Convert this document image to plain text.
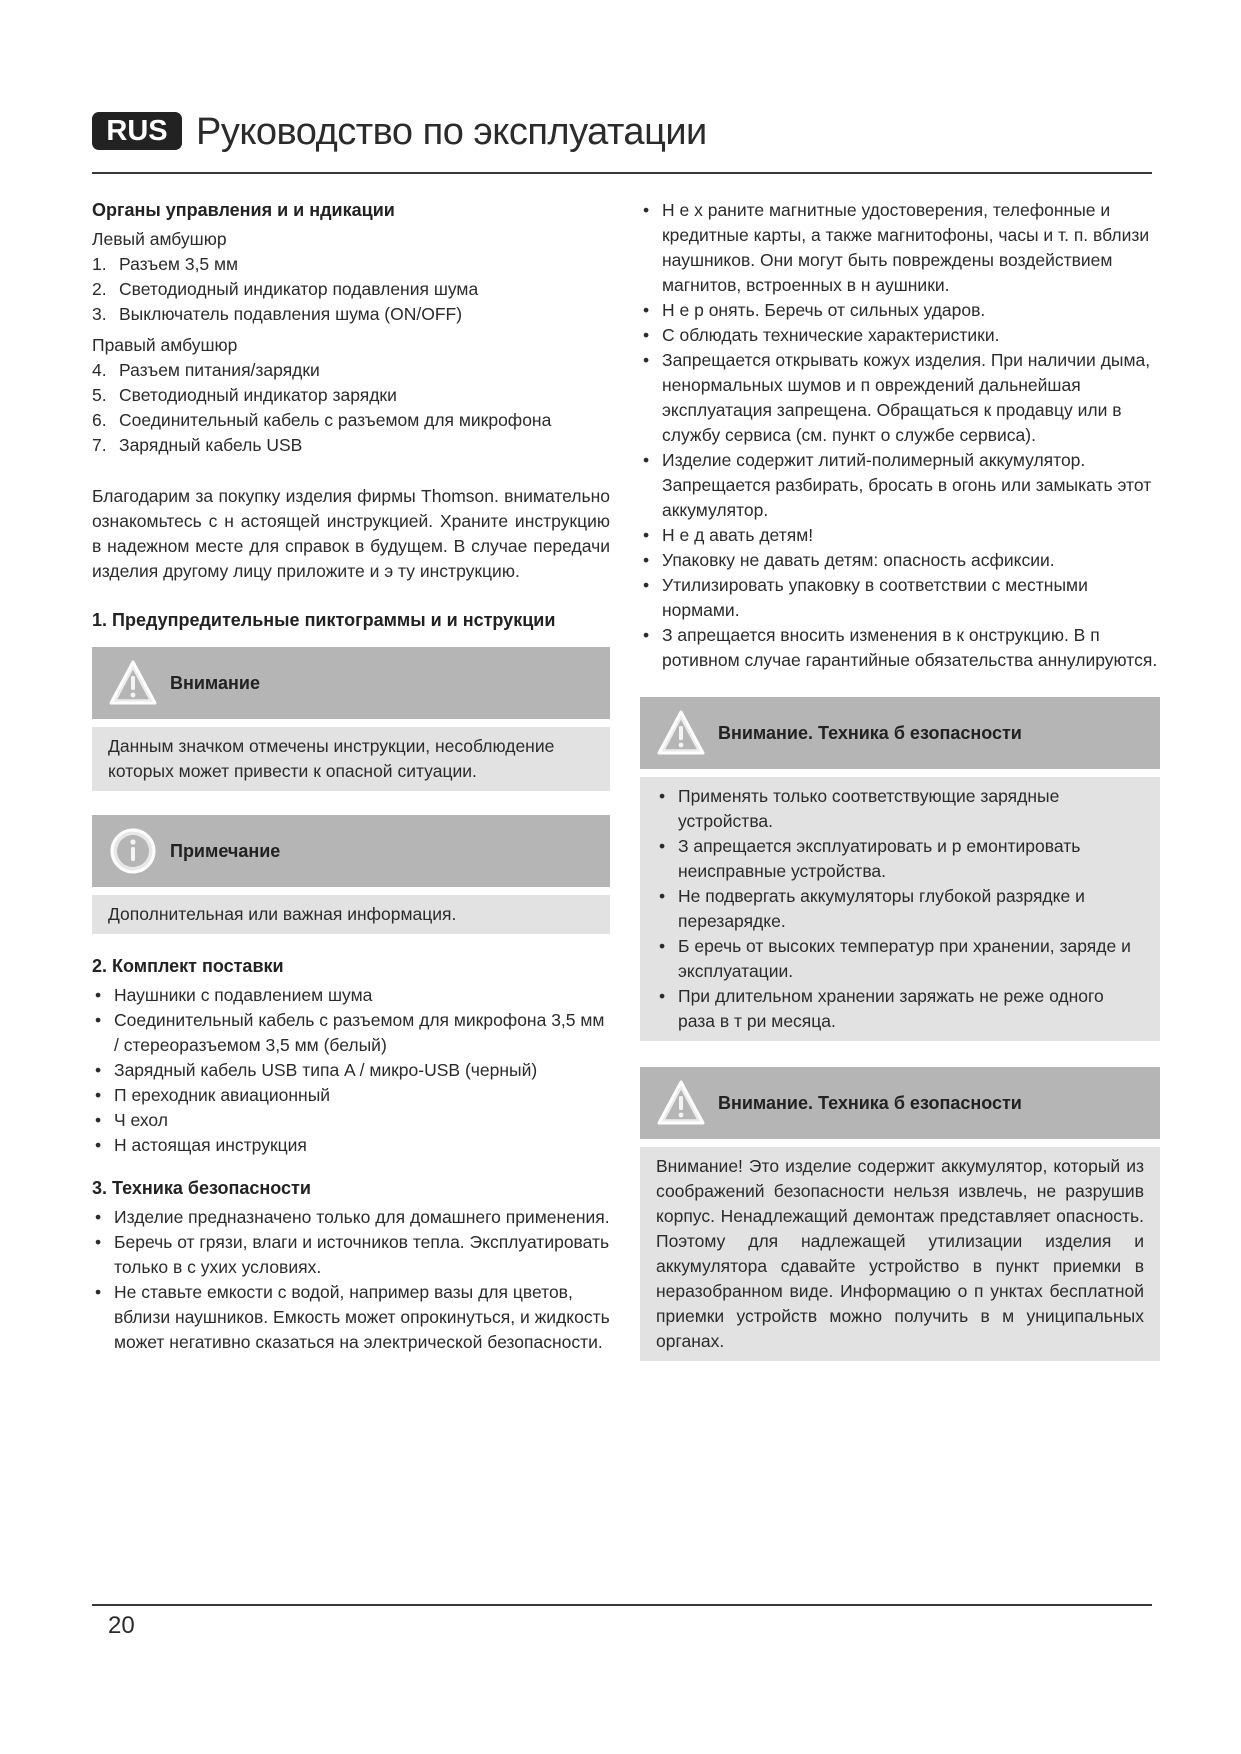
RUS Руководство по эксплуатации

Органы управления и и ндикации

Левый амбушюр

1. Разъем 3,5 мм
2. Светодиодный индикатор подавления шума
3. Выключатель подавления шума (ON/OFF)

Правый амбушюр

4. Разъем питания/зарядки
5. Светодиодный индикатор зарядки
6. Соединительный кабель с разъемом для микрофона
7. Зарядный кабель USB

Благодарим за покупку изделия фирмы Thomson. внимательно ознакомьтесь с н астоящей инструкцией. Храните инструкцию в надежном месте для справок в будущем. В случае передачи изделия другому лицу приложите и э ту инструкцию.

1. Предупредительные пиктограммы и и нструкции

Внимание
Данным значком отмечены инструкции, несоблюдение которых может привести к опасной ситуации.
Примечание
Дополнительная или важная информация.

2. Комплект поставки

• Наушники с подавлением шума
• Соединительный кабель с разъемом для микрофона 3,5 мм / стереоразъемом 3,5 мм (белый)
• Зарядный кабель USB типа A / микро-USB (черный)
• П ереходник авиационный
• Ч ехол
• Н астоящая инструкция

3. Техника безопасности

• Изделие предназначено только для домашнего применения.
• Беречь от грязи, влаги и источников тепла. Эксплуатировать только в с ухих условиях.
• Не ставьте емкости с водой, например вазы для цветов, вблизи наушников. Емкость может опрокинуться, и жидкость может негативно сказаться на электрической безопасности.
• Н е х раните магнитные удостоверения, телефонные и кредитные карты, а также магнитофоны, часы и т. п. вблизи наушников. Они могут быть повреждены воздействием магнитов, встроенных в н аушники.
• Н е р онять. Беречь от сильных ударов.
• С облюдать технические характеристики.
• Запрещается открывать кожух изделия. При наличии дыма, ненормальных шумов и п овреждений дальнейшая эксплуатация запрещена. Обращаться к продавцу или в службу сервиса (см. пункт о службе сервиса).
• Изделие содержит литий-полимерный аккумулятор. Запрещается разбирать, бросать в огонь или замыкать этот аккумулятор.
• Н е д авать детям!
• Упаковку не давать детям: опасность асфиксии.
• Утилизировать упаковку в соответствии с местными нормами.
• З апрещается вносить изменения в к онструкцию. В п ротивном случае гарантийные обязательства аннулируются.
Внимание. Техника б езопасности
• Применять только соответствующие зарядные устройства.
• З апрещается эксплуатировать и р емонтировать неисправные устройства.
• Не подвергать аккумуляторы глубокой разрядке и перезарядке.
• Б еречь от высоких температур при хранении, заряде и эксплуатации.
• При длительном хранении заряжать не реже одного раза в т ри месяца.
Внимание. Техника б езопасности
Внимание! Это изделие содержит аккумулятор, который из соображений безопасности нельзя извлечь, не разрушив корпус. Ненадлежащий демонтаж представляет опасность. Поэтому для надлежащей утилизации изделия и аккумулятора сдавайте устройство в пункт приемки в неразобранном виде. Информацию о п унктах бесплатной приемки устройств можно получить в м униципальных органах.
20
